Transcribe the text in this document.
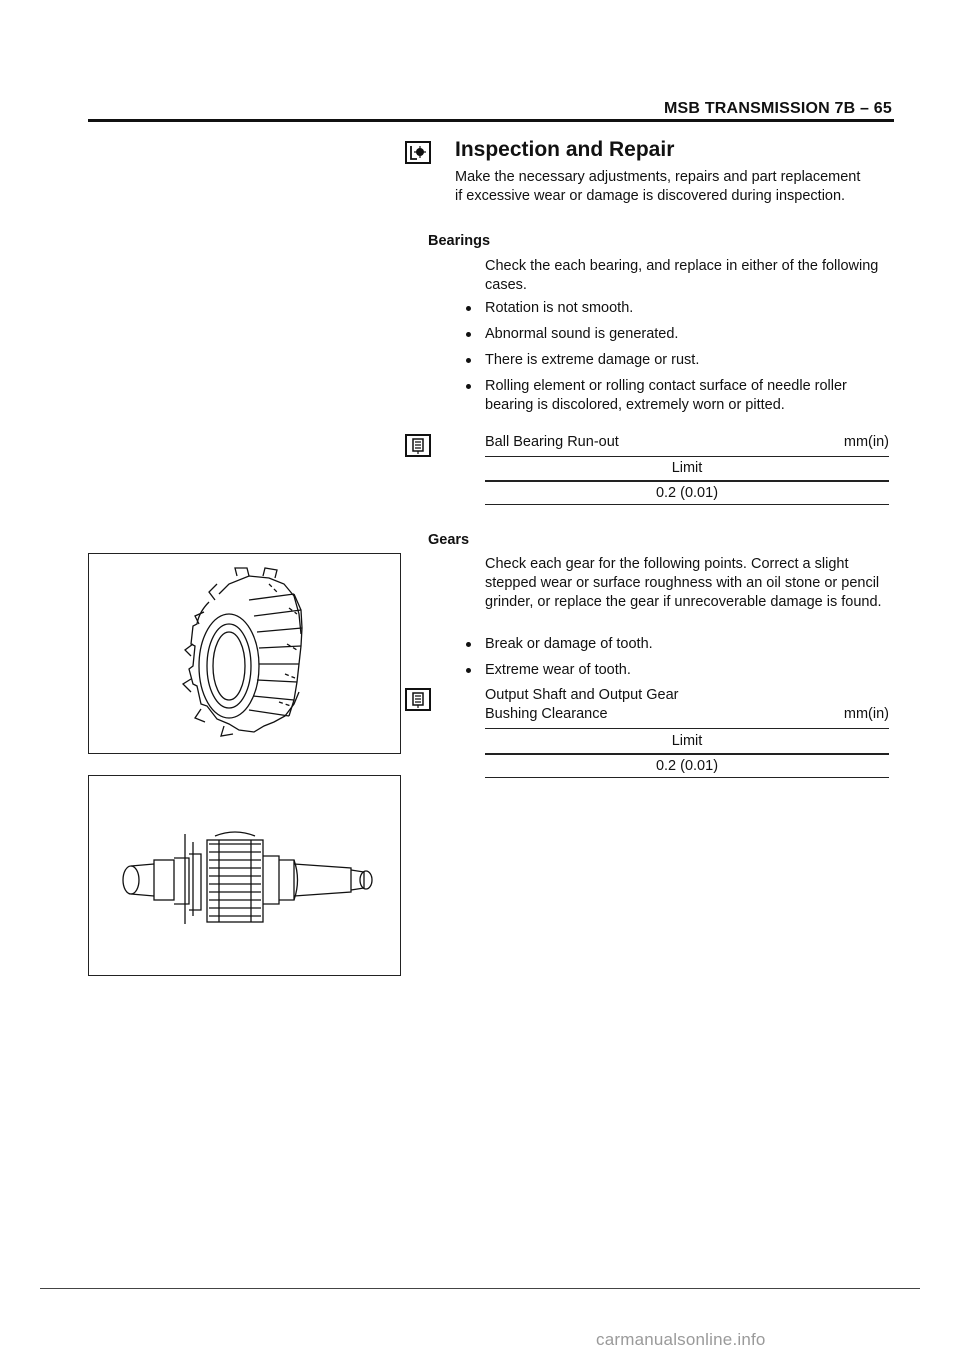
MSB TRANSMISSION 7B – 65
Inspection and Repair
Make the necessary adjustments, repairs and part replacement if excessive wear or damage is discovered during inspection.
Bearings
Check the each bearing, and replace in either of the following cases.
Rotation is not smooth.
Abnormal sound is generated.
There is extreme damage or rust.
Rolling element or rolling contact surface of needle roller bearing is discolored, extremely worn or pitted.
Ball Bearing Run-out	mm(in)
Limit
0.2 (0.01)
Gears
Check each gear for the following points. Correct a slight stepped wear or surface roughness with an oil stone or pencil grinder, or replace the gear if unrecoverable damage is found.
Break or damage of tooth.
Extreme wear of tooth.
Output Shaft and Output Gear
Bushing Clearance	mm(in)
Limit
0.2 (0.01)
carmanualsonline.info
